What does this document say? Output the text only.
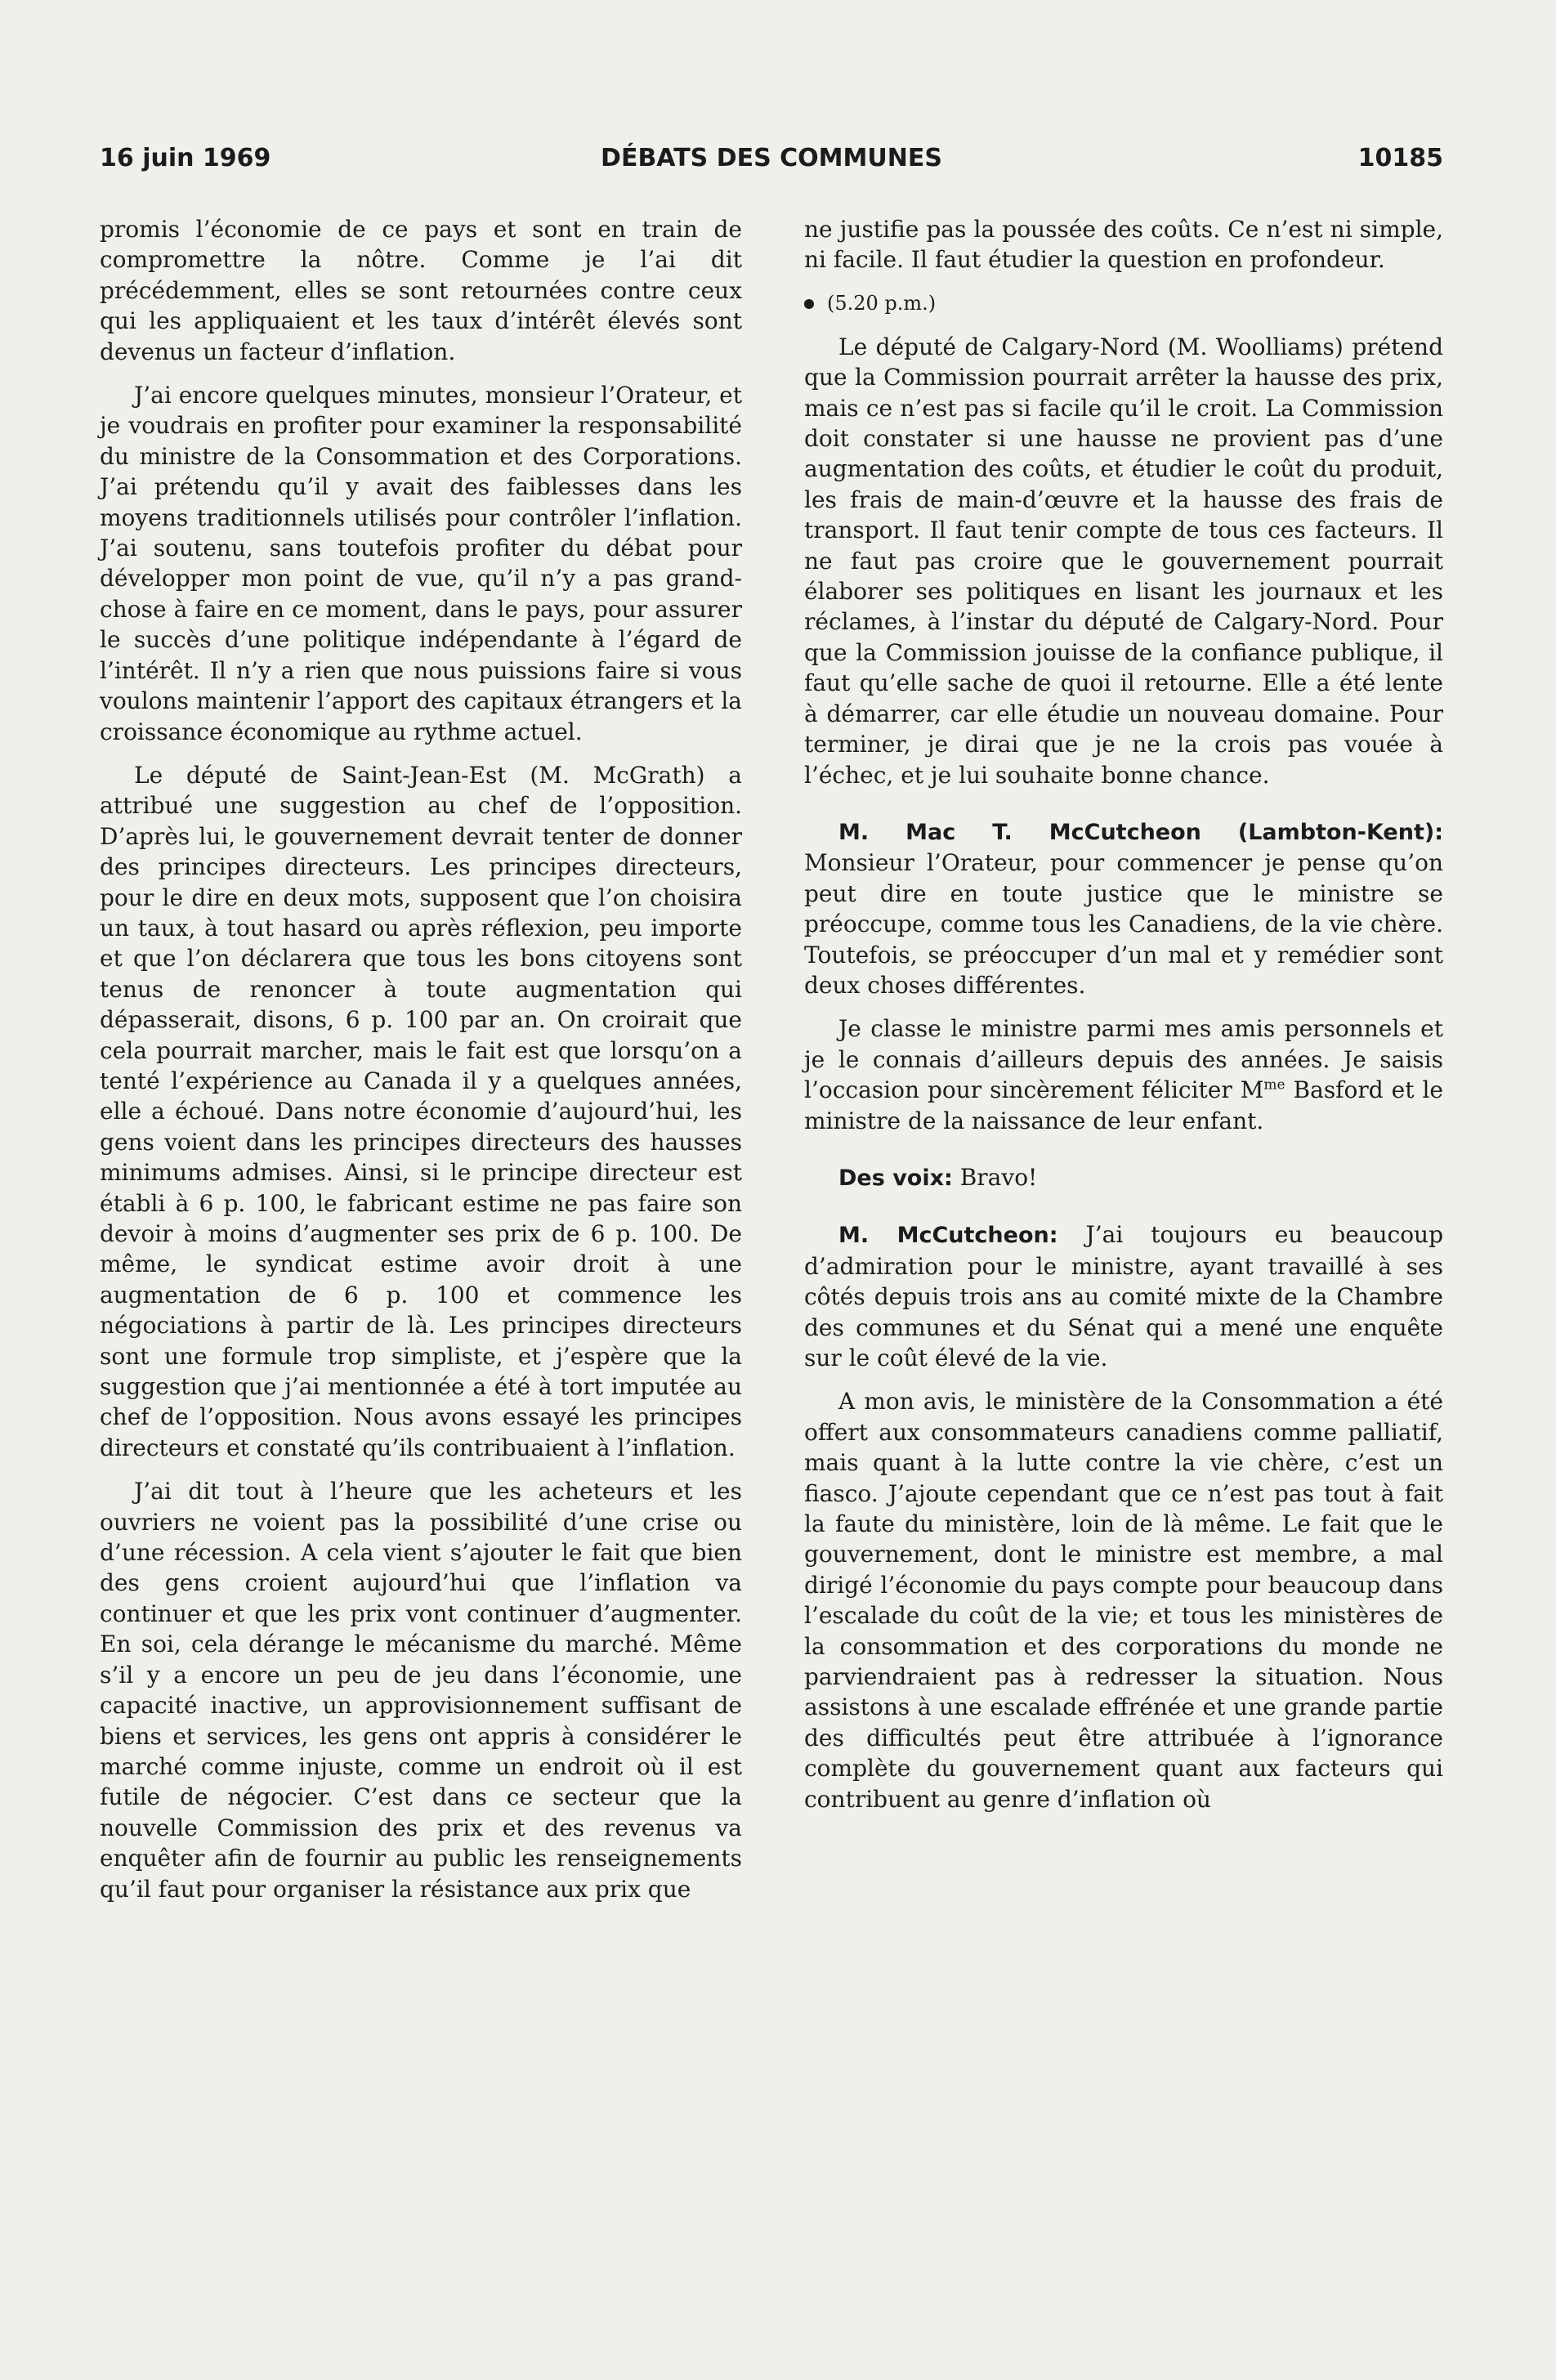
16 juin 1969	DÉBATS DES COMMUNES	10185

promis l’économie de ce pays et sont en train de compromettre la nôtre. Comme je l’ai dit précédemment, elles se sont retournées contre ceux qui les appliquaient et les taux d’intérêt élevés sont devenus un facteur d’inflation.

J’ai encore quelques minutes, monsieur l’Orateur, et je voudrais en profiter pour examiner la responsabilité du ministre de la Consommation et des Corporations. J’ai prétendu qu’il y avait des faiblesses dans les moyens traditionnels utilisés pour contrôler l’inflation. J’ai soutenu, sans toutefois profiter du débat pour développer mon point de vue, qu’il n’y a pas grand-chose à faire en ce moment, dans le pays, pour assurer le succès d’une politique indépendante à l’égard de l’intérêt. Il n’y a rien que nous puissions faire si vous voulons maintenir l’apport des capitaux étrangers et la croissance économique au rythme actuel.

Le député de Saint-Jean-Est (M. McGrath) a attribué une suggestion au chef de l’opposition. D’après lui, le gouvernement devrait tenter de donner des principes directeurs. Les principes directeurs, pour le dire en deux mots, supposent que l’on choisira un taux, à tout hasard ou après réflexion, peu importe et que l’on déclarera que tous les bons citoyens sont tenus de renoncer à toute augmentation qui dépasserait, disons, 6 p. 100 par an. On croirait que cela pourrait marcher, mais le fait est que lorsqu’on a tenté l’expérience au Canada il y a quelques années, elle a échoué. Dans notre économie d’aujourd’hui, les gens voient dans les principes directeurs des hausses minimums admises. Ainsi, si le principe directeur est établi à 6 p. 100, le fabricant estime ne pas faire son devoir à moins d’augmenter ses prix de 6 p. 100. De même, le syndicat estime avoir droit à une augmentation de 6 p. 100 et commence les négociations à partir de là. Les principes directeurs sont une formule trop simpliste, et j’espère que la suggestion que j’ai mentionnée a été à tort imputée au chef de l’opposition. Nous avons essayé les principes directeurs et constaté qu’ils contribuaient à l’inflation.

J’ai dit tout à l’heure que les acheteurs et les ouvriers ne voient pas la possibilité d’une crise ou d’une récession. A cela vient s’ajouter le fait que bien des gens croient aujourd’hui que l’inflation va continuer et que les prix vont continuer d’augmenter. En soi, cela dérange le mécanisme du marché. Même s’il y a encore un peu de jeu dans l’économie, une capacité inactive, un approvisionnement suffisant de biens et services, les gens ont appris à considérer le marché comme injuste, comme un endroit où il est futile de négocier. C’est dans ce secteur que la nouvelle Commission des prix et des revenus va enquêter afin de fournir au public les renseignements qu’il faut pour organiser la résistance aux prix que

ne justifie pas la poussée des coûts. Ce n’est ni simple, ni facile. Il faut étudier la question en profondeur.

(5.20 p.m.)

Le député de Calgary-Nord (M. Woolliams) prétend que la Commission pourrait arrêter la hausse des prix, mais ce n’est pas si facile qu’il le croit. La Commission doit constater si une hausse ne provient pas d’une augmentation des coûts, et étudier le coût du produit, les frais de main-d’œuvre et la hausse des frais de transport. Il faut tenir compte de tous ces facteurs. Il ne faut pas croire que le gouvernement pourrait élaborer ses politiques en lisant les journaux et les réclames, à l’instar du député de Calgary-Nord. Pour que la Commission jouisse de la confiance publique, il faut qu’elle sache de quoi il retourne. Elle a été lente à démarrer, car elle étudie un nouveau domaine. Pour terminer, je dirai que je ne la crois pas vouée à l’échec, et je lui souhaite bonne chance.

M. Mac T. McCutcheon (Lambton-Kent): Monsieur l’Orateur, pour commencer je pense qu’on peut dire en toute justice que le ministre se préoccupe, comme tous les Canadiens, de la vie chère. Toutefois, se préoccuper d’un mal et y remédier sont deux choses différentes.

Je classe le ministre parmi mes amis personnels et je le connais d’ailleurs depuis des années. Je saisis l’occasion pour sincèrement féliciter $M^{me}$ Basford et le ministre de la naissance de leur enfant.

Des voix: Bravo!

M. McCutcheon: J’ai toujours eu beaucoup d’admiration pour le ministre, ayant travaillé à ses côtés depuis trois ans au comité mixte de la Chambre des communes et du Sénat qui a mené une enquête sur le coût élevé de la vie.

A mon avis, le ministère de la Consommation a été offert aux consommateurs canadiens comme palliatif, mais quant à la lutte contre la vie chère, c’est un fiasco. J’ajoute cependant que ce n’est pas tout à fait la faute du ministère, loin de là même. Le fait que le gouvernement, dont le ministre est membre, a mal dirigé l’économie du pays compte pour beaucoup dans l’escalade du coût de la vie; et tous les ministères de la consommation et des corporations du monde ne parviendraient pas à redresser la situation. Nous assistons à une escalade effrénée et une grande partie des difficultés peut être attribuée à l’ignorance complète du gouvernement quant aux facteurs qui contribuent au genre d’inflation où
